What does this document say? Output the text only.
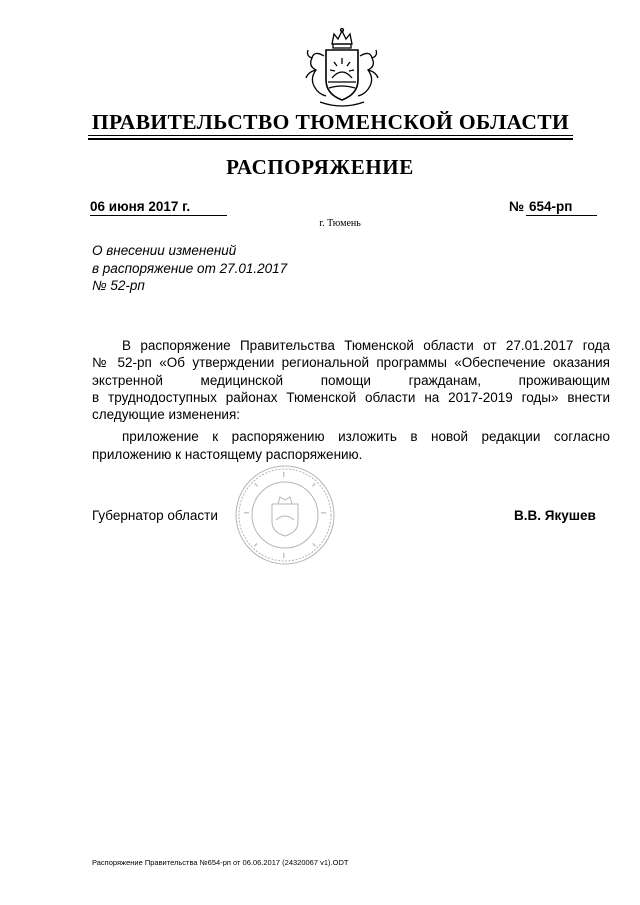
ПРАВИТЕЛЬСТВО ТЮМЕНСКОЙ ОБЛАСТИ
РАСПОРЯЖЕНИЕ
06 июня 2017 г.	№ 654-рп
г. Тюмень
О внесении изменений
в распоряжение от 27.01.2017
№ 52-рп
В распоряжение Правительства Тюменской области от 27.01.2017 года
№ 52-рп «Об утверждении региональной программы «Обеспечение оказания
экстренной медицинской помощи гражданам, проживающим
в труднодоступных районах Тюменской области на 2017-2019 годы» внести
следующие изменения:
приложение к распоряжению изложить в новой редакции согласно
приложению к настоящему распоряжению.
Губернатор области	В.В. Якушев
Распоряжение Правительства №654-рп от 06.06.2017 (24320067 v1).ODT
